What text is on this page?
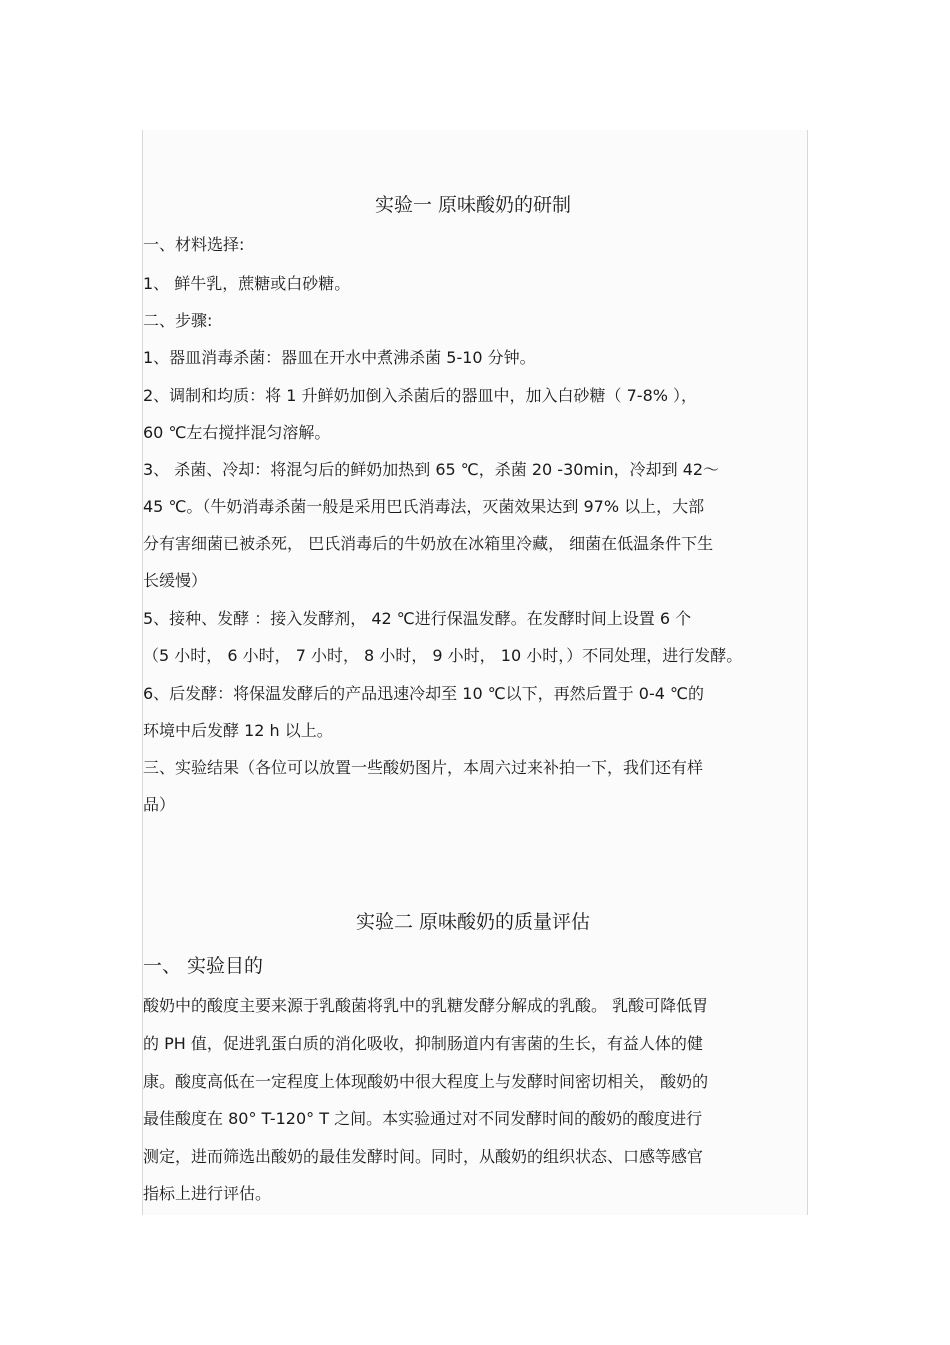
实验一 原味酸奶的研制
一、材料选择:
1、 鲜牛乳，蔗糖或白砂糖。
二、步骤:
1、器皿消毒杀菌：器皿在开水中煮沸杀菌 5-10 分钟。
2、调制和均质：将 1 升鲜奶加倒入杀菌后的器皿中，加入白砂糖（ 7-8% ），
60 ℃左右搅拌混匀溶解。
3、 杀菌、冷却：将混匀后的鲜奶加热到 65 ℃，杀菌 20 -30min，冷却到 42～
45 ℃。（牛奶消毒杀菌一般是采用巴氏消毒法，灭菌效果达到 97% 以上，大部
分有害细菌已被杀死， 巴氏消毒后的牛奶放在冰箱里冷藏， 细菌在低温条件下生
长缓慢）
5、接种、发酵 ：接入发酵剂， 42 ℃进行保温发酵。在发酵时间上设置 6 个
（5 小时， 6 小时， 7 小时， 8 小时， 9 小时， 10 小时，）不同处理，进行发酵。
6、后发酵：将保温发酵后的产品迅速冷却至 10 ℃以下，再然后置于 0-4 ℃的
环境中后发酵 12 h 以上。
三、实验结果（各位可以放置一些酸奶图片，本周六过来补拍一下，我们还有样
品）
实验二 原味酸奶的质量评估
一、 实验目的
酸奶中的酸度主要来源于乳酸菌将乳中的乳糖发酵分解成的乳酸。 乳酸可降低胃
的 PH 值，促进乳蛋白质的消化吸收，抑制肠道内有害菌的生长，有益人体的健
康。酸度高低在一定程度上体现酸奶中很大程度上与发酵时间密切相关， 酸奶的
最佳酸度在 80° T-120° T 之间。本实验通过对不同发酵时间的酸奶的酸度进行
测定，进而筛选出酸奶的最佳发酵时间。同时，从酸奶的组织状态、口感等感官
指标上进行评估。
